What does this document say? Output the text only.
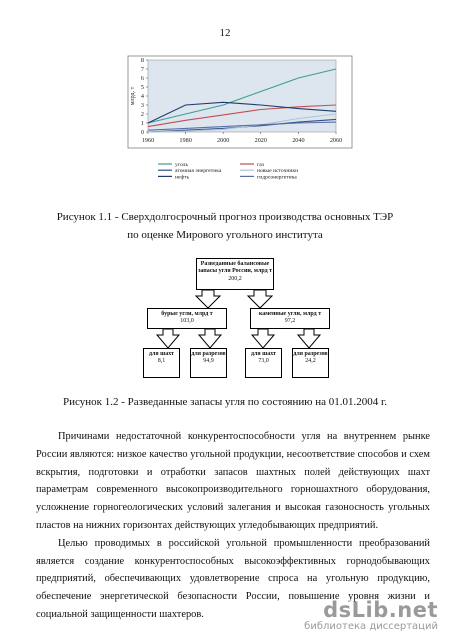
12
0
1
2
3
4
5
6
7
8
1960	1980	2000	2020	2040	2060
млрд. т
уголь	газ
атомная энергетика	новые источники
нефть	гидроэнергетика
Рисунок 1.1 - Сверхдолгосрочный прогноз производства основных ТЭР
по оценке Мирового угольного института
Разведанные балансовые запасы угля России, млрд т
200,2
бурые угли, млрд т
103,0
каменные угли, млрд т
97,2
для шахт
8,1
для разрезов
94,9
для шахт
73,0
для разрезов
24,2
Рисунок 1.2 - Разведанные запасы угля по состоянию на 01.01.2004 г.

Причинами недостаточной конкурентоспособности угля на внутреннем рынке России являются: низкое качество угольной продукции, несоответствие способов и схем вскрытия, подготовки и отработки запасов шахтных полей действующих шахт параметрам современного высокопроизводительного горношахтного оборудования, усложнение горногеологических условий залегания и высокая газоносность угольных пластов на нижних горизонтах действующих угледобывающих предприятий.

Целью проводимых в российской угольной промышленности преобразований является создание конкурентоспособных высокоэффективных горнодобывающих предприятий, обеспечивающих удовлетворение спроса на угольную продукцию, обеспечение энергетической безопасности России, повышение уровня жизни и социальной защищенности шахтеров.	dsLib.net
библиотека диссертаций
